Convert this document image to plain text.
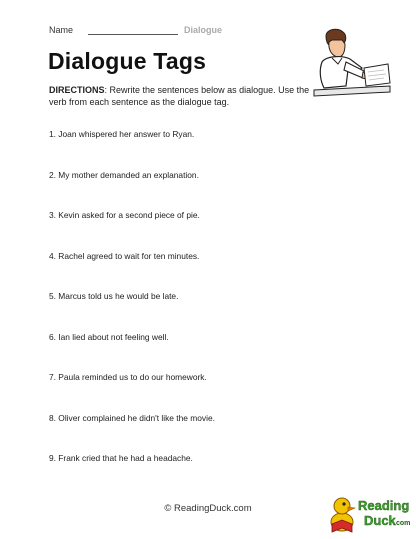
Name	Dialogue
Dialogue Tags
DIRECTIONS: Rewrite the sentences below as dialogue. Use the verb from each sentence as the dialogue tag.
1. Joan whispered her answer to Ryan.
2. My mother demanded an explanation.
3. Kevin asked for a second piece of pie.
4. Rachel agreed to wait for ten minutes.
5. Marcus told us he would be late.
6. Ian lied about not feeling well.
7. Paula reminded us to do our homework.
8. Oliver complained he didn't like the movie.
9. Frank cried that he had a headache.
© ReadingDuck.com	Reading
Duck
.com
